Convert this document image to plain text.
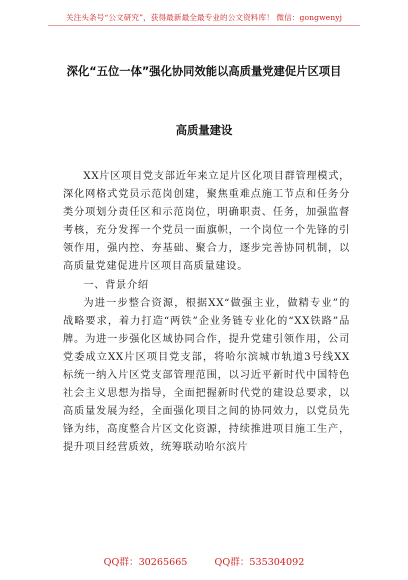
关注头条号“公文研究”，获得最新最全最专业的公文资料库！ 微信：gongwenyj
深化“五位一体”强化协同效能以高质量党建促片区项目
高质量建设

XX片区项目党支部近年来立足片区化项目群管理模式，深化网格式党员示范岗创建，聚焦重难点施工节点和任务分类分项划分责任区和示范岗位，明确职责、任务，加强监督考核，充分发挥一个党员一面旗帜，一个岗位一个先锋的引领作用，强内控、夯基础、聚合力，逐步完善协同机制，以高质量党建促进片区项目高质量建设。

一、背景介绍

为进一步整合资源，根据XX“做强主业，做精专业”的战略要求，着力打造“两铁”企业务链专业化的“XX铁路”品牌。为进一步强化区域协同合作，提升党建引领作用，公司党委成立XX片区项目党支部，将哈尔滨城市轨道3号线XX标统一纳入片区党支部管理范围，以习近平新时代中国特色社会主义思想为指导，全面把握新时代党的建设总要求，以高质量发展为经，全面强化项目之间的协同效力，以党员先锋为纬，高度整合片区文化资源，持续推进项目施工生产，提升项目经营质效，统筹联动哈尔滨片

QQ群：30265665	QQ群：535304092
